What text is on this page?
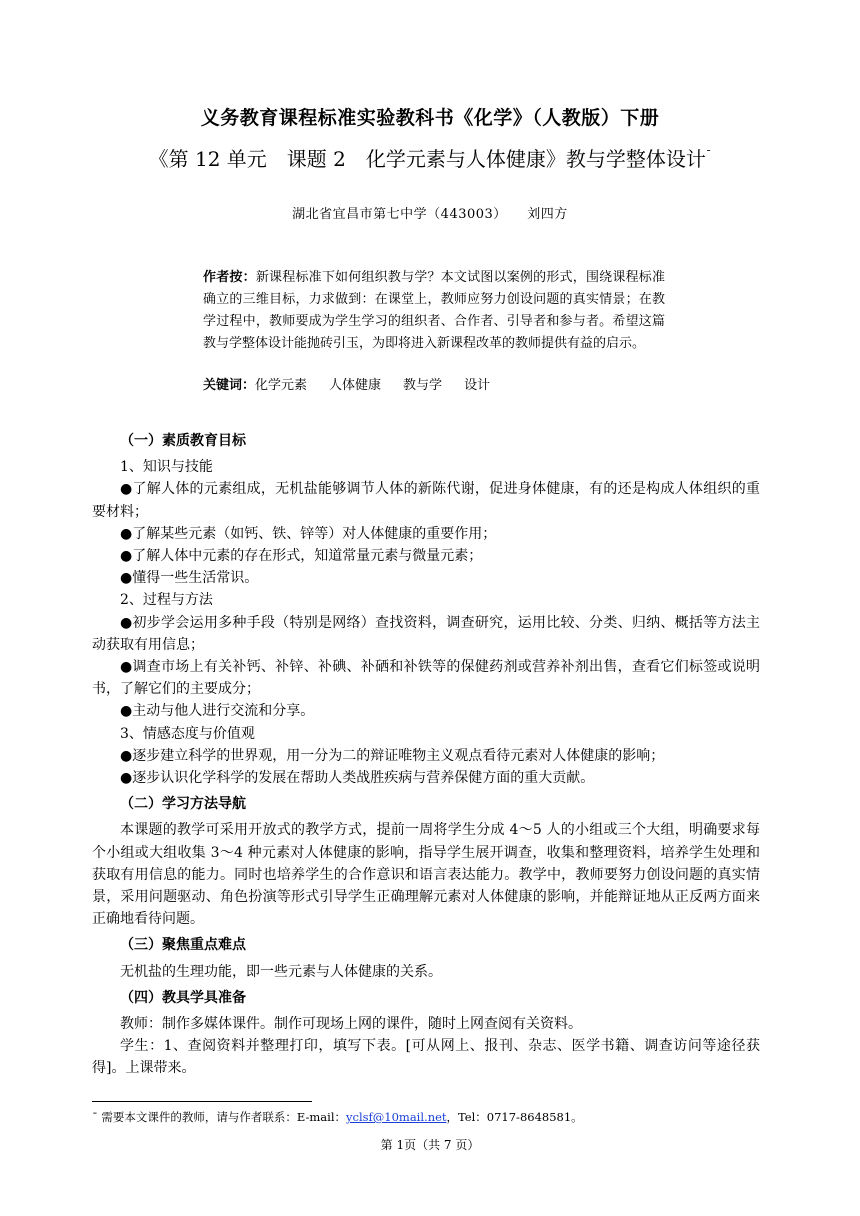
义务教育课程标准实验教科书《化学》（人教版）下册
《第 12 单元　课题 2　化学元素与人体健康》教与学整体设计¯
湖北省宜昌市第七中学（443003）　　刘四方
作者按：新课程标准下如何组织教与学？本文试图以案例的形式，围绕课程标准确立的三维目标，力求做到：在课堂上，教师应努力创设问题的真实情景；在教学过程中，教师要成为学生学习的组织者、合作者、引导者和参与者。希望这篇教与学整体设计能抛砖引玉，为即将进入新课程改革的教师提供有益的启示。
关键词：化学元素 人体健康 教与学 设计

（一）素质教育目标

1、知识与技能

●了解人体的元素组成，无机盐能够调节人体的新陈代谢，促进身体健康，有的还是构成人体组织的重要材料；

●了解某些元素（如钙、铁、锌等）对人体健康的重要作用；

●了解人体中元素的存在形式，知道常量元素与微量元素；

●懂得一些生活常识。

2、过程与方法

●初步学会运用多种手段（特别是网络）查找资料，调查研究，运用比较、分类、归纳、概括等方法主动获取有用信息；

●调查市场上有关补钙、补锌、补碘、补硒和补铁等的保健药剂或营养补剂出售，查看它们标签或说明书，了解它们的主要成分；

●主动与他人进行交流和分享。

3、情感态度与价值观

●逐步建立科学的世界观，用一分为二的辩证唯物主义观点看待元素对人体健康的影响；

●逐步认识化学科学的发展在帮助人类战胜疾病与营养保健方面的重大贡献。

（二）学习方法导航

本课题的教学可采用开放式的教学方式，提前一周将学生分成 4～5 人的小组或三个大组，明确要求每个小组或大组收集 3～4 种元素对人体健康的影响，指导学生展开调查，收集和整理资料，培养学生处理和获取有用信息的能力。同时也培养学生的合作意识和语言表达能力。教学中，教师要努力创设问题的真实情景，采用问题驱动、角色扮演等形式引导学生正确理解元素对人体健康的影响，并能辩证地从正反两方面来正确地看待问题。

（三）聚焦重点难点

无机盐的生理功能，即一些元素与人体健康的关系。

（四）教具学具准备

教师：制作多媒体课件。制作可现场上网的课件，随时上网查阅有关资料。

学生：1、查阅资料并整理打印，填写下表。[可从网上、报刊、杂志、医学书籍、调查访问等途径获得]。上课带来。

¯ 需要本文课件的教师，请与作者联系：E-mail：yclsf@10mail.net，Tel：0717-8648581。
第 1页（共 7 页）
